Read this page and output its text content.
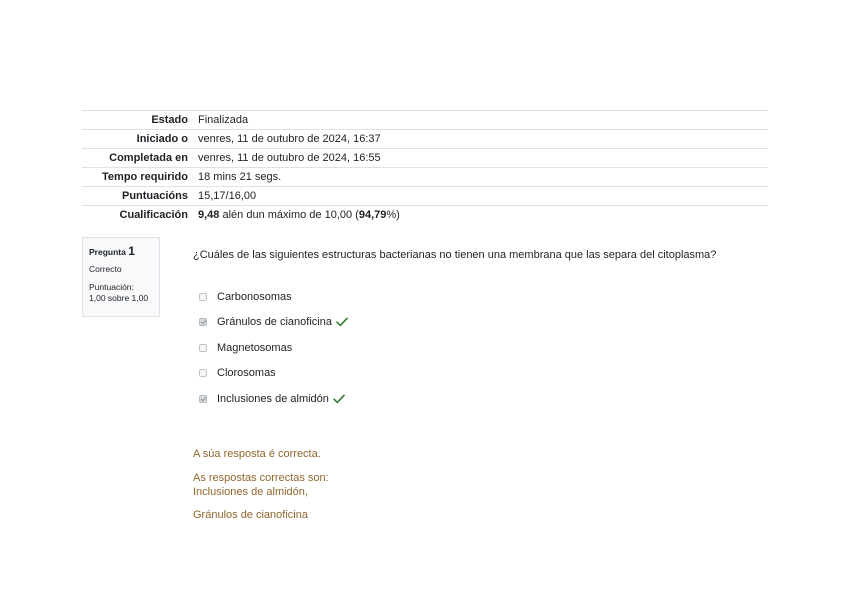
Estado	Finalizada
Iniciado o	venres, 11 de outubro de 2024, 16:37
Completada en	venres, 11 de outubro de 2024, 16:55
Tempo requirido	18 mins 21 segs.
Puntuacións	15,17/16,00
Cualificación	9,48 alén dun máximo de 10,00 (94,79%)
Pregunta 1
Correcto
Puntuación:
1,00 sobre 1,00
¿Cuáles de las siguientes estructuras bacterianas no tienen una membrana que las separa del citoplasma?
Carbonosomas
Gránulos de cianoficina
Magnetosomas
Clorosomas
Inclusiones de almidón
A súa resposta é correcta.
As respostas correctas son:
Inclusiones de almidón,
Gránulos de cianoficina
